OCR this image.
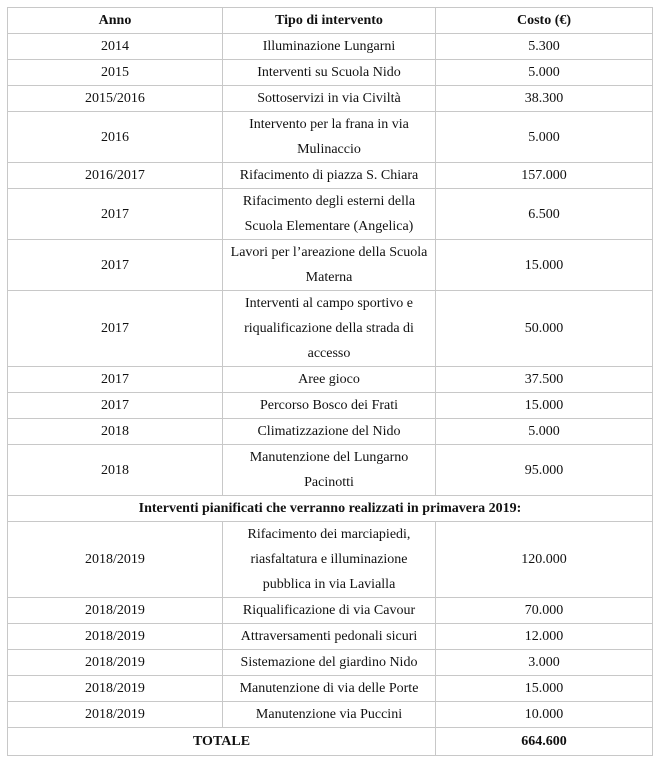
Anno	Tipo di intervento	Costo (€)
2014	Illuminazione Lungarni	5.300
2015	Interventi su Scuola Nido	5.000
2015/2016	Sottoservizi in via Civiltà	38.300
2016	Intervento per la frana in via Mulinaccio	5.000
2016/2017	Rifacimento di piazza S. Chiara	157.000
2017	Rifacimento degli esterni della Scuola Elementare (Angelica)	6.500
2017	Lavori per l’areazione della Scuola Materna	15.000
2017	Interventi al campo sportivo e riqualificazione della strada di accesso	50.000
2017	Aree gioco	37.500
2017	Percorso Bosco dei Frati	15.000
2018	Climatizzazione del Nido	5.000
2018	Manutenzione del Lungarno Pacinotti	95.000
Interventi pianificati che verranno realizzati in primavera 2019:		
2018/2019	Rifacimento dei marciapiedi, riasfaltatura e illuminazione pubblica in via Lavialla	120.000
2018/2019	Riqualificazione di via Cavour	70.000
2018/2019	Attraversamenti pedonali sicuri	12.000
2018/2019	Sistemazione del giardino Nido	3.000
2018/2019	Manutenzione di via delle Porte	15.000
2018/2019	Manutenzione via Puccini	10.000
TOTALE		664.600
